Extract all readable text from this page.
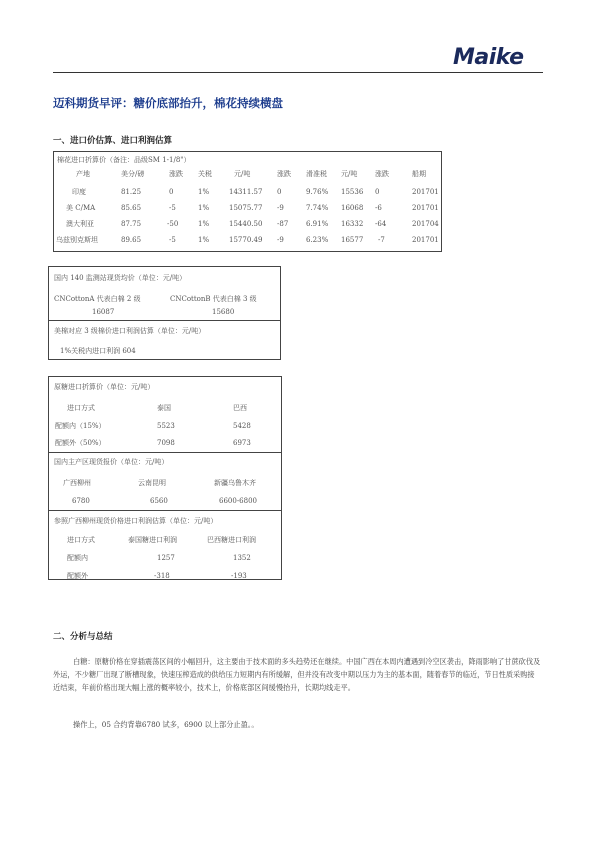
Maike
迈科期货早评：糖价底部抬升，棉花持续横盘
一、进口价估算、进口利润估算
棉花进口折算价（备注：品级SM 1-1/8"）
产地	美分/磅	涨跌 关税	元/吨	涨跌 滑准税 元/吨	涨跌	船期
印度	81.25	0	1%	14311.57 0	9.76% 15536 0	201701
美 C/MA	85.65	-5	1%	15075.77 -9	7.74% 16068 -6	201701
澳大利亚	87.75	-50	1%	15440.50 -87	6.91% 16332 -64	201704
乌兹别克斯坦	89.65	-5	1%	15770.49 -9	6.23% 16577 -7	201701
国内 140 监测站现货均价（单位：元/吨）
CNCottonA 代表白棉 2 级	CNCottonB 代表白棉 3 级
16087	15680
美棉对应 3 级棉价进口利润估算（单位：元/吨）
1%关税内进口利润 604
原糖进口折算价（单位：元/吨）
进口方式	泰国	巴西
配额内（15%）	5523	5428
配额外（50%）	7098	6973
国内主产区现货报价（单位：元/吨）
广西柳州	云南昆明	新疆乌鲁木齐
6780	6560	6600-6800
参照广西柳州现货价格进口利润估算（单位：元/吨）
进口方式	泰国糖进口利润	巴西糖进口利润
配额内	1257	1352
配额外	-318	-193
二、分析与总结
白糖：原糖价格在穿插震荡区间的小幅回升，这主要由于技术面的多头趋势还在继续。中国广西在本周内遭遇到冷空区袭击，降雨影响了甘蔗砍伐及外运，不少糖厂出现了断槽现象，快速压榨造成的供给压力短期内有所缓解，但并没有改变中期以压力为主的基本面，随着春节的临近，节日性质采购接近结束，年前价格出现大幅上涨的概率较小，技术上，价格底部区间缓慢抬升，长期均线走平。
操作上，05 合约背靠6780 试多，6900 以上部分止盈。。
